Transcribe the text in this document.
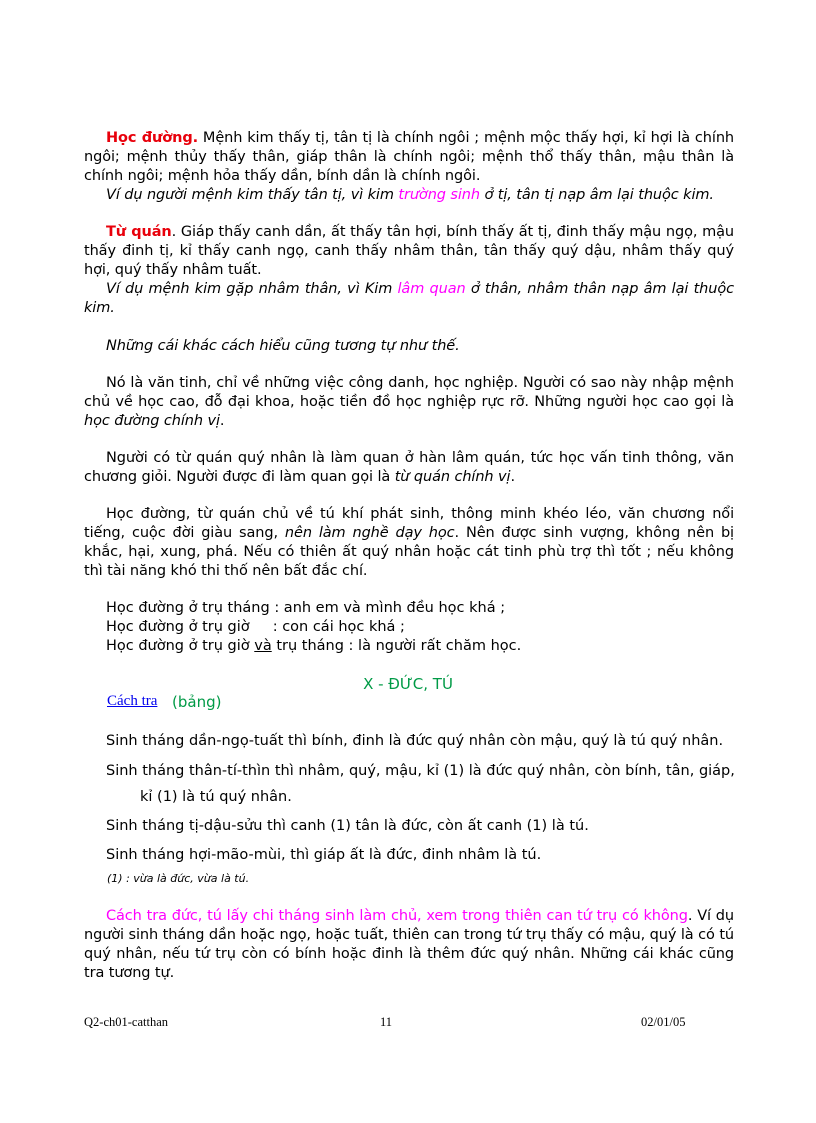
Học đường. Mệnh kim thấy tị, tân tị là chính ngôi ; mệnh mộc thấy hợi, kỉ hợi là chính ngôi; mệnh thủy thấy thân, giáp thân là chính ngôi; mệnh thổ thấy thân, mậu thân là chính ngôi; mệnh hỏa thấy dần, bính dần là chính ngôi.

Ví dụ người mệnh kim thấy tân tị, vì kim trường sinh ở tị, tân tị nạp âm lại thuộc kim.

Từ quán. Giáp thấy canh dần, ất thấy tân hợi, bính thấy ất tị, đinh thấy mậu ngọ, mậu thấy đinh tị, kỉ thấy canh ngọ, canh thấy nhâm thân, tân thấy quý dậu, nhâm thấy quý hợi, quý thấy nhâm tuất.

Ví dụ mệnh kim gặp nhâm thân, vì Kim lâm quan ở thân, nhâm thân nạp âm lại thuộc kim.

Những cái khác cách hiểu cũng tương tự như thế.

Nó là văn tinh, chỉ về những việc công danh, học nghiệp. Người có sao này nhập mệnh chủ về học cao, đỗ đại khoa, hoặc tiền đồ học nghiệp rực rỡ. Những người học cao gọi là học đường chính vị.

Người có từ quán quý nhân là làm quan ở hàn lâm quán, tức học vấn tinh thông, văn chương giỏi. Người được đi làm quan gọi là từ quán chính vị.

Học đường, từ quán chủ về tú khí phát sinh, thông minh khéo léo, văn chương nổi tiếng, cuộc đời giàu sang, nên làm nghề dạy học. Nên được sinh vượng, không nên bị khắc, hại, xung, phá. Nếu có thiên ất quý nhân hoặc cát tinh phù trợ thì tốt ; nếu không thì tài năng khó thi thố nên bất đắc chí.

Học đường ở trụ tháng : anh em và mình đều học khá ;
Học đường ở trụ giờ     : con cái học khá ;
Học đường ở trụ giờ và trụ tháng : là người rất chăm học.
X - ĐỨC, TÚ
Cách tra (bảng)
Sinh tháng dần-ngọ-tuất thì bính, đinh là đức quý nhân còn mậu, quý là tú quý nhân.
Sinh tháng thân-tí-thìn thì nhâm, quý, mậu, kỉ (1) là đức quý nhân, còn bính, tân, giáp,
kỉ (1) là tú quý nhân.
Sinh tháng tị-dậu-sửu thì canh (1) tân là đức, còn ất canh (1) là tú.
Sinh tháng hợi-mão-mùi, thì giáp ất là đức, đinh nhâm là tú.
(1) : vừa là đức, vừa là tú.

Cách tra đức, tú lấy chi tháng sinh làm chủ, xem trong thiên can tứ trụ có không. Ví dụ người sinh tháng dần hoặc ngọ, hoặc tuất, thiên can trong tứ trụ thấy có mậu, quý là có tú quý nhân, nếu tứ trụ còn có bính hoặc đinh là thêm đức quý nhân. Những cái khác cũng tra tương tự.

Q2-ch01-catthan	11	02/01/05
